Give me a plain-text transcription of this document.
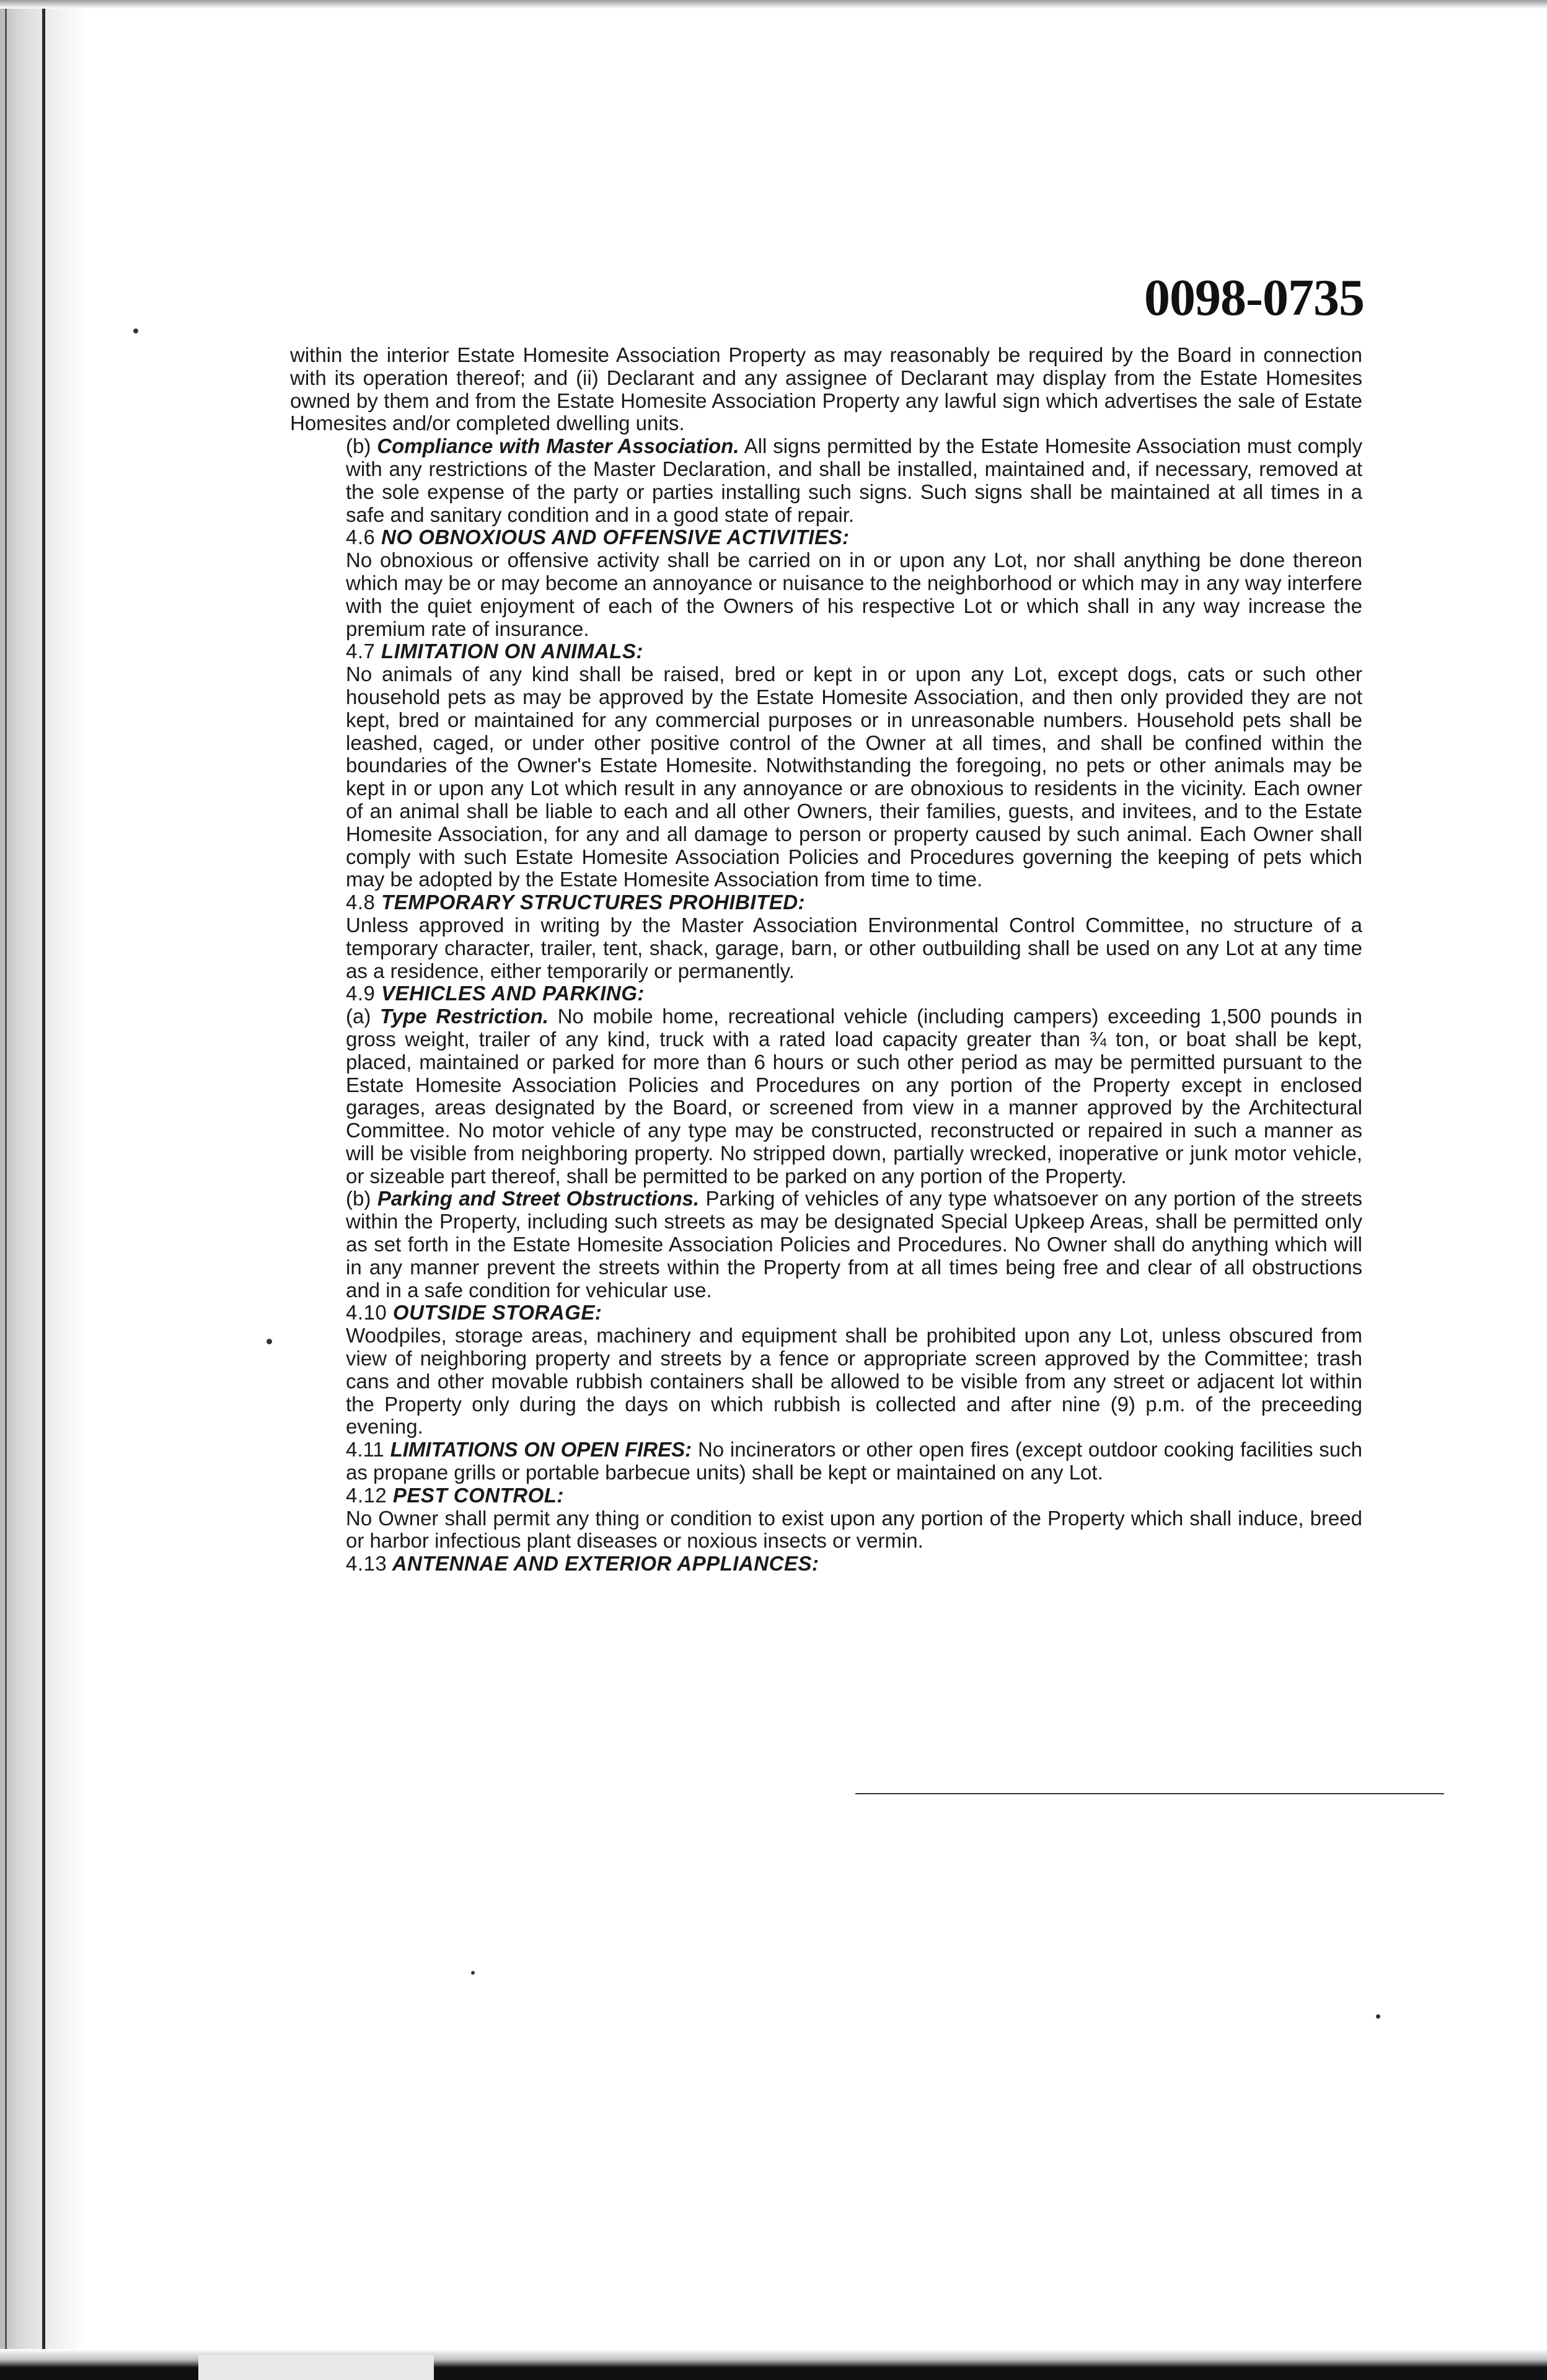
0098-0735

within the interior Estate Homesite Association Property as may reasonably be required by the Board in connection with its operation thereof; and (ii) Declarant and any assignee of Declarant may display from the Estate Homesites owned by them and from the Estate Homesite Association Property any lawful sign which advertises the sale of Estate Homesites and/or completed dwelling units.

(b) Compliance with Master Association. All signs permitted by the Estate Homesite Association must comply with any restrictions of the Master Declaration, and shall be installed, maintained and, if necessary, removed at the sole expense of the party or parties installing such signs. Such signs shall be maintained at all times in a safe and sanitary condition and in a good state of repair.

4.6 NO OBNOXIOUS AND OFFENSIVE ACTIVITIES:

No obnoxious or offensive activity shall be carried on in or upon any Lot, nor shall anything be done thereon which may be or may become an annoyance or nuisance to the neighborhood or which may in any way interfere with the quiet enjoyment of each of the Owners of his respective Lot or which shall in any way increase the premium rate of insurance.

4.7 LIMITATION ON ANIMALS:

No animals of any kind shall be raised, bred or kept in or upon any Lot, except dogs, cats or such other household pets as may be approved by the Estate Homesite Association, and then only provided they are not kept, bred or maintained for any commercial purposes or in unreasonable numbers. Household pets shall be leashed, caged, or under other positive control of the Owner at all times, and shall be confined within the boundaries of the Owner's Estate Homesite. Notwithstanding the foregoing, no pets or other animals may be kept in or upon any Lot which result in any annoyance or are obnoxious to residents in the vicinity. Each owner of an animal shall be liable to each and all other Owners, their families, guests, and invitees, and to the Estate Homesite Association, for any and all damage to person or property caused by such animal. Each Owner shall comply with such Estate Homesite Association Policies and Procedures governing the keeping of pets which may be adopted by the Estate Homesite Association from time to time.

4.8 TEMPORARY STRUCTURES PROHIBITED:

Unless approved in writing by the Master Association Environmental Control Committee, no structure of a temporary character, trailer, tent, shack, garage, barn, or other outbuilding shall be used on any Lot at any time as a residence, either temporarily or permanently.

4.9 VEHICLES AND PARKING:

(a) Type Restriction. No mobile home, recreational vehicle (including campers) exceeding 1,500 pounds in gross weight, trailer of any kind, truck with a rated load capacity greater than ¾ ton, or boat shall be kept, placed, maintained or parked for more than 6 hours or such other period as may be permitted pursuant to the Estate Homesite Association Policies and Procedures on any portion of the Property except in enclosed garages, areas designated by the Board, or screened from view in a manner approved by the Architectural Committee. No motor vehicle of any type may be constructed, reconstructed or repaired in such a manner as will be visible from neighboring property. No stripped down, partially wrecked, inoperative or junk motor vehicle, or sizeable part thereof, shall be permitted to be parked on any portion of the Property.

(b) Parking and Street Obstructions. Parking of vehicles of any type whatsoever on any portion of the streets within the Property, including such streets as may be designated Special Upkeep Areas, shall be permitted only as set forth in the Estate Homesite Association Policies and Procedures. No Owner shall do anything which will in any manner prevent the streets within the Property from at all times being free and clear of all obstructions and in a safe condition for vehicular use.

4.10 OUTSIDE STORAGE:

Woodpiles, storage areas, machinery and equipment shall be prohibited upon any Lot, unless obscured from view of neighboring property and streets by a fence or appropriate screen approved by the Committee; trash cans and other movable rubbish containers shall be allowed to be visible from any street or adjacent lot within the Property only during the days on which rubbish is collected and after nine (9) p.m. of the preceeding evening.

4.11 LIMITATIONS ON OPEN FIRES: No incinerators or other open fires (except outdoor cooking facilities such as propane grills or portable barbecue units) shall be kept or maintained on any Lot.

4.12 PEST CONTROL:

No Owner shall permit any thing or condition to exist upon any portion of the Property which shall induce, breed or harbor infectious plant diseases or noxious insects or vermin.

4.13 ANTENNAE AND EXTERIOR APPLIANCES:
